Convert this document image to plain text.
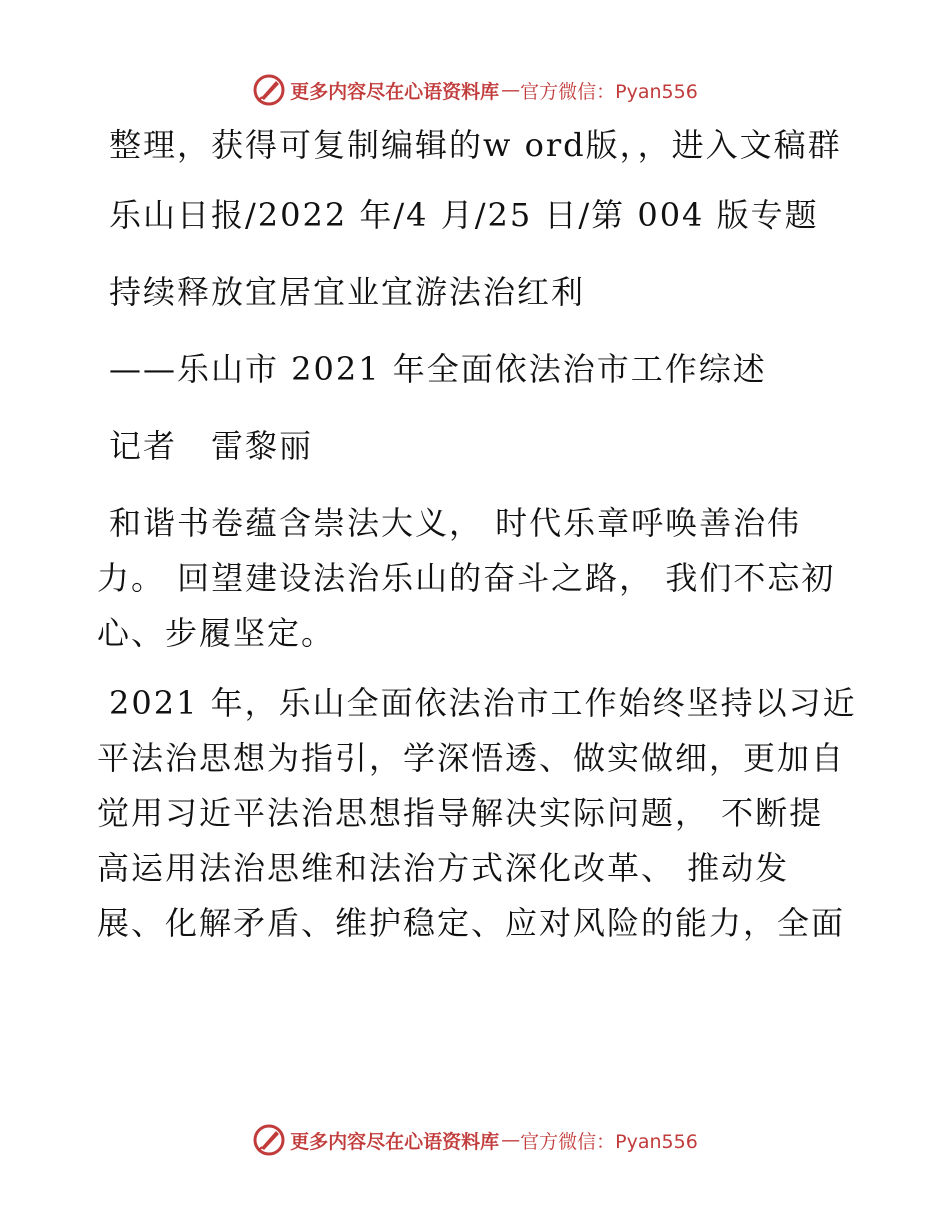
更多内容尽在心语资料库 — 官方微信：Pyan556

整理，获得可复制编辑的w ord版，，进入文稿群

乐山日报/2022 年/4 月/25 日/第 004 版专题

持续释放宜居宜业宜游法治红利

——乐山市 2021 年全面依法治市工作综述

记者　雷黎丽

和谐书卷蕴含崇法大义， 时代乐章呼唤善治伟力。 回望建设法治乐山的奋斗之路， 我们不忘初心、步履坚定。

2021 年，乐山全面依法治市工作始终坚持以习近平法治思想为指引，学深悟透、做实做细，更加自觉用习近平法治思想指导解决实际问题， 不断提高运用法治思维和法治方式深化改革、 推动发展、化解矛盾、维护稳定、应对风险的能力，全面

更多内容尽在心语资料库 — 官方微信：Pyan556
